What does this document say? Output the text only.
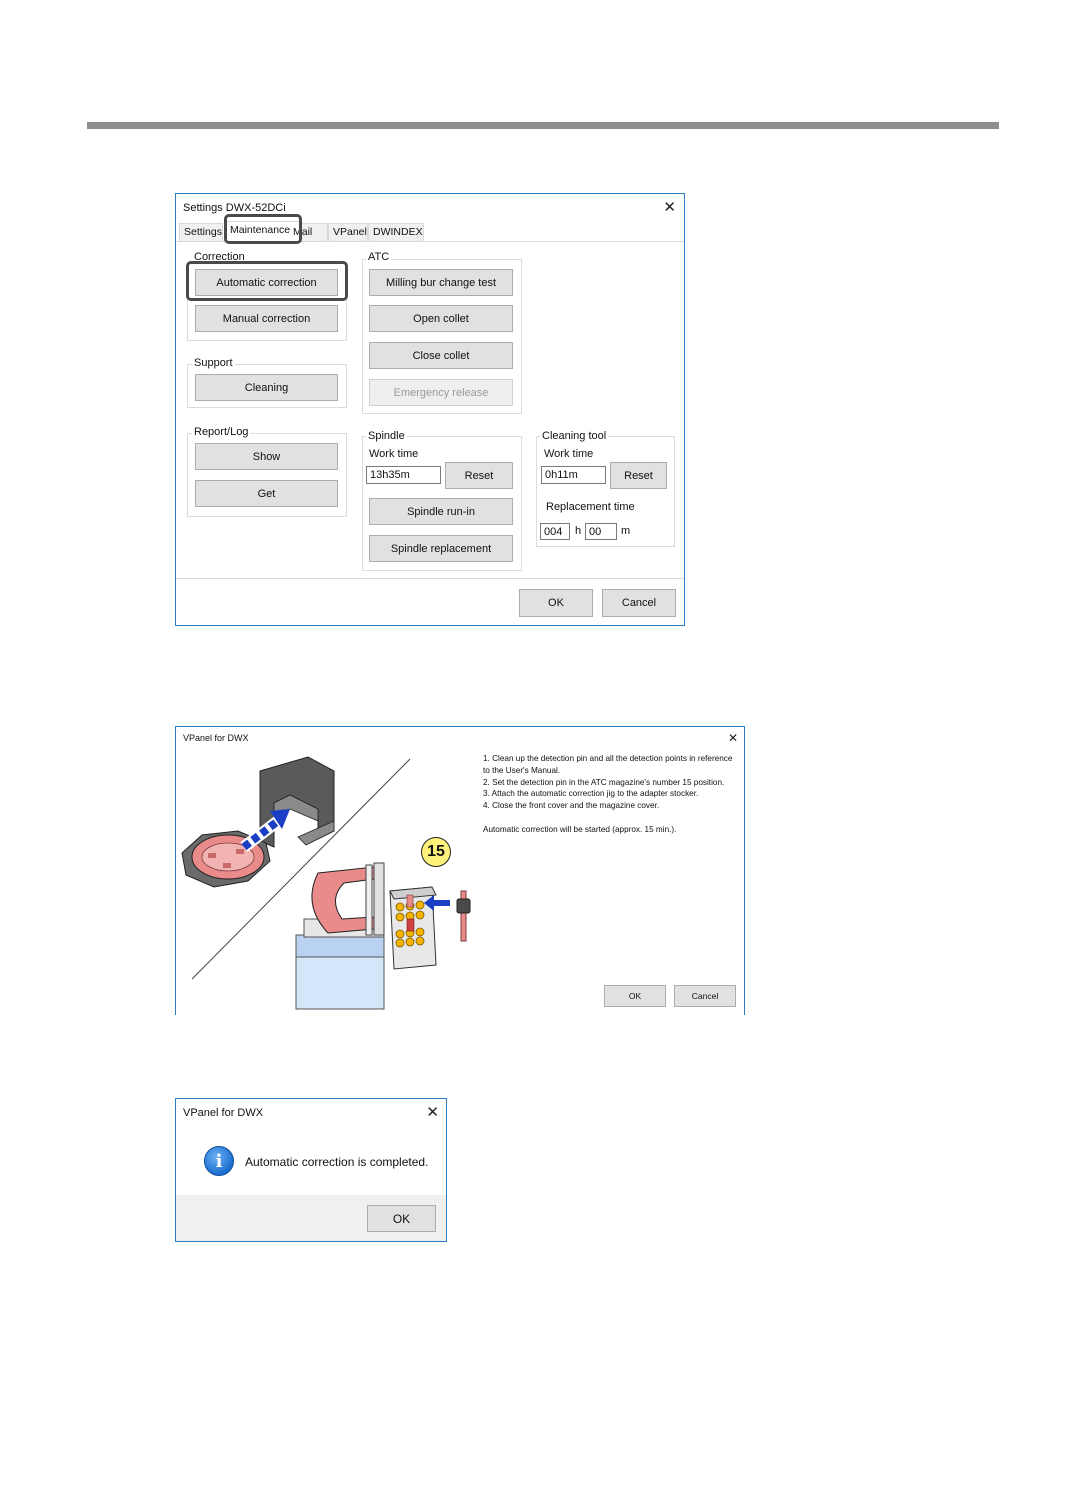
Settings DWX-52DCi	✕
Settings Maintenance Mail	VPanel DWINDEX
Correction
Automatic correction
Manual correction
Support
Cleaning
Report/Log
Show
Get
ATC
Milling bur change test
Open collet
Close collet
Emergency release
Spindle
Work time
13h35m	Reset
Spindle run-in
Spindle replacement
Cleaning tool
Work time
0h11m	Reset
Replacement time
004	h 00	m
OK	Cancel
VPanel for DWX	✕
15

1. Clean up the detection pin and all the detection points in reference to the User's Manual.

2. Set the detection pin in the ATC magazine's number 15 position.

3. Attach the automatic correction jig to the adapter stocker.

4. Close the front cover and the magazine cover.

Automatic correction will be started (approx. 15 min.).

OK	Cancel
VPanel for DWX	✕
i	Automatic correction is completed.
OK
